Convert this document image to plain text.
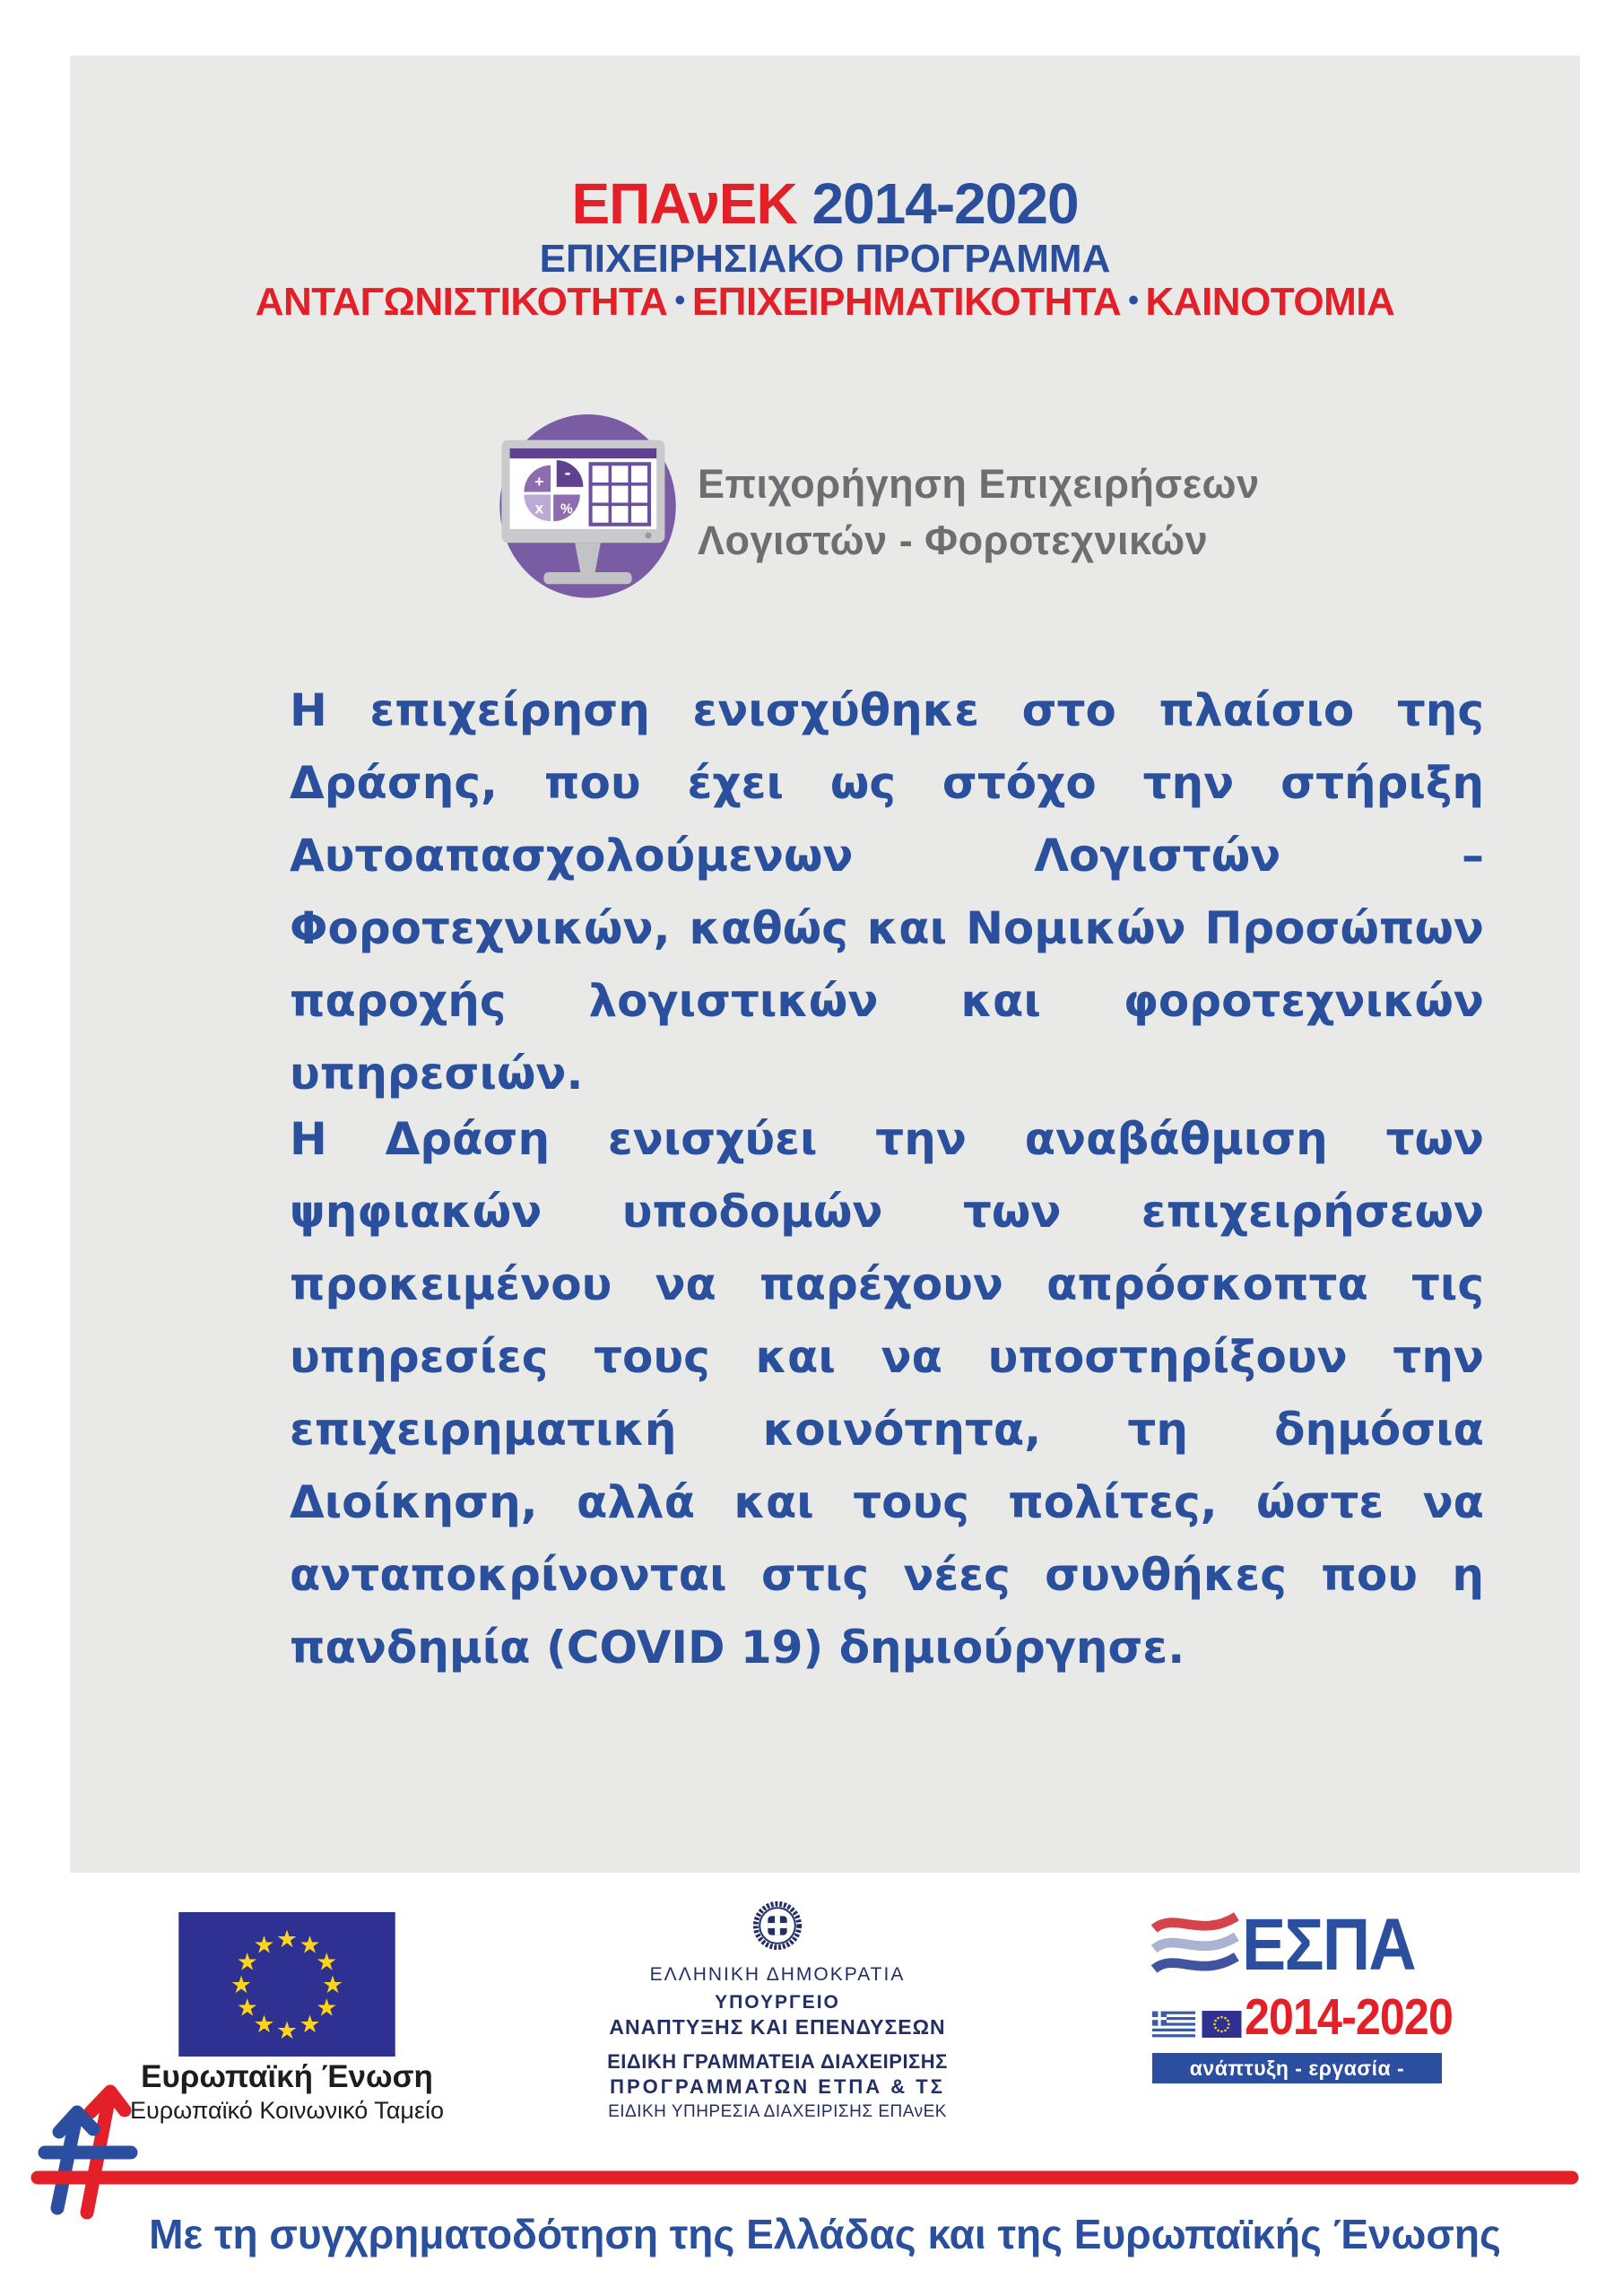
ΕΠΑνΕΚ 2014-2020
ΕΠΙΧΕΙΡΗΣΙΑΚΟ ΠΡΟΓΡΑΜΜΑ
ΑΝΤΑΓΩΝΙΣΤΙΚΟΤΗΤΑ • ΕΠΙΧΕΙΡΗΜΑΤΙΚΟΤΗΤΑ • ΚΑΙΝΟΤΟΜΙΑ
+ -
x %
Επιχορήγηση Επιχειρήσεων
Λογιστών - Φοροτεχνικών
Η επιχείρηση ενισχύθηκε στο πλαίσιο της Δράσης, που έχει ως στόχο την στήριξη Αυτοαπασχολούμενων Λογιστών – Φοροτεχνικών, καθώς και Νομικών Προσώπων παροχής λογιστικών και φοροτεχνικών υπηρεσιών.
Η Δράση ενισχύει την αναβάθμιση των ψηφιακών υποδομών των επιχειρήσεων προκειμένου να παρέχουν απρόσκοπτα τις υπηρεσίες τους και να υποστηρίξουν την επιχειρηματική κοινότητα, τη δημόσια Διοίκηση, αλλά και τους πολίτες, ώστε να ανταποκρίνονται στις νέες συνθήκες που η πανδημία (COVID 19) δημιούργησε.
★ ★
★
★
★
★
★
★
★
★
★
★
Ευρωπαϊκή Ένωση
Ευρωπαϊκό Κοινωνικό Ταμείο
ΕΛΛΗΝΙΚΗ ΔΗΜΟΚΡΑΤΙΑ
ΥΠΟΥΡΓΕΙΟ
ΑΝΑΠΤΥΞΗΣ ΚΑΙ ΕΠΕΝΔΥΣΕΩΝ
ΕΙΔΙΚΗ ΓΡΑΜΜΑΤΕΙΑ ΔΙΑΧΕΙΡΙΣΗΣ
ΠΡΟΓΡΑΜΜΑΤΩΝ ΕΤΠΑ & ΤΣ
ΕΙΔΙΚΗ ΥΠΗΡΕΣΙΑ ΔΙΑΧΕΙΡΙΣΗΣ ΕΠΑνΕΚ
ΕΣΠΑ
2014-2020
ανάπτυξη - εργασία - αλληλεγγύη
Με τη συγχρηματοδότηση της Ελλάδας και της Ευρωπαϊκής Ένωσης
